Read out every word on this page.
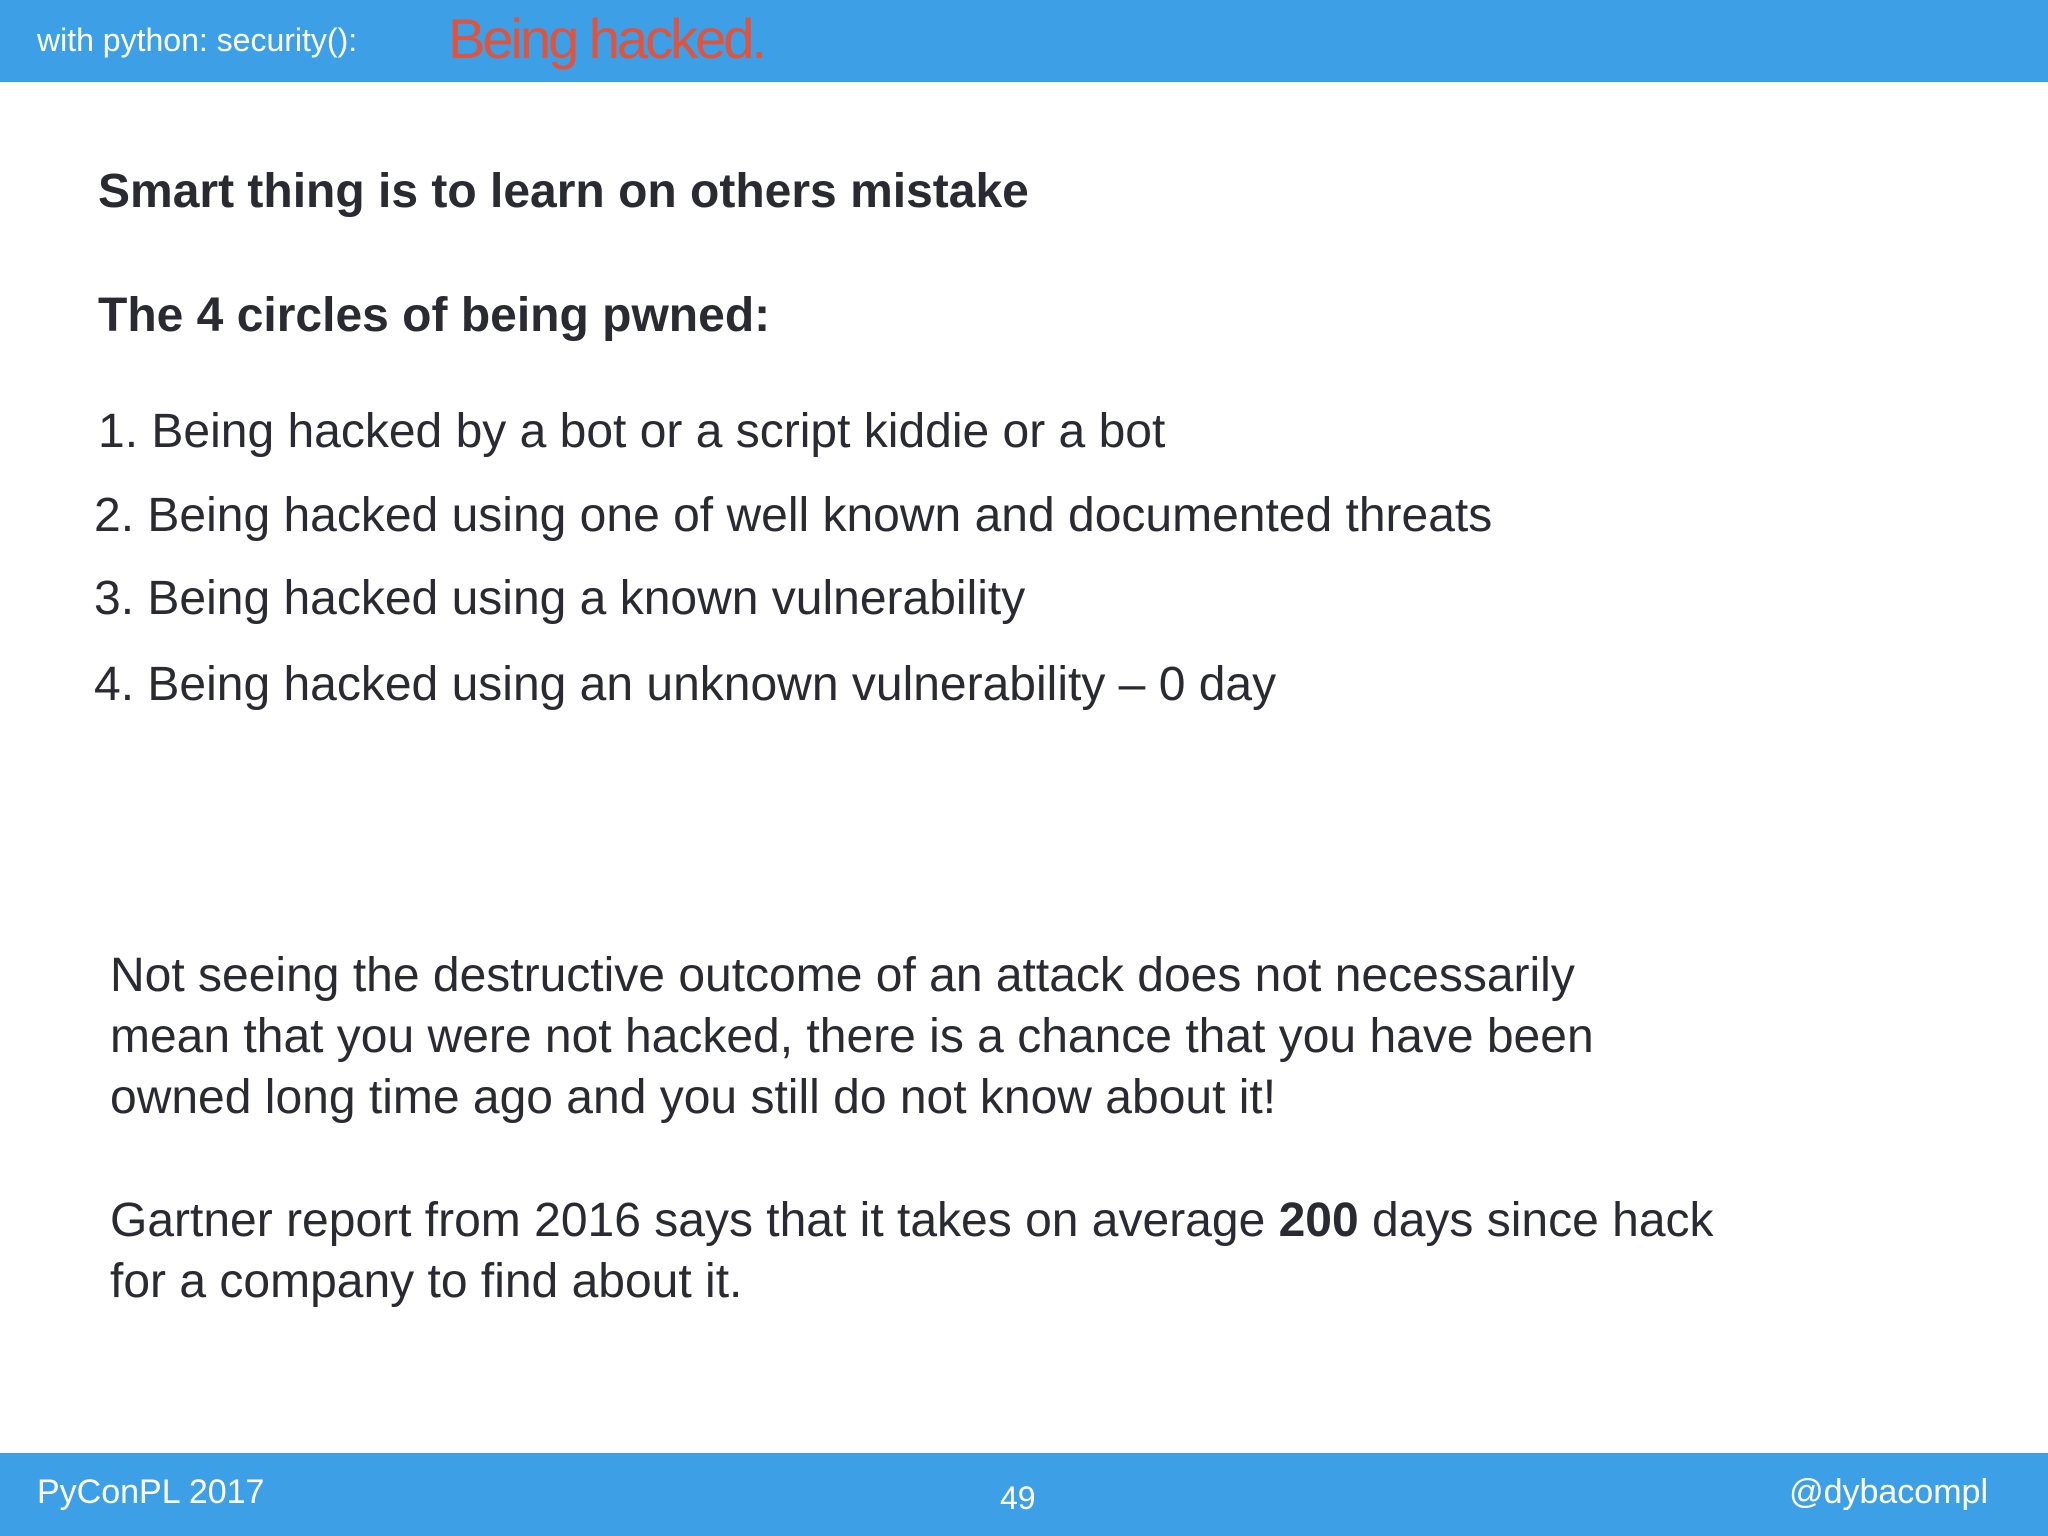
with python: security(): Being hacked.
Smart thing is to learn on others mistake
The 4 circles of being pwned:
1. Being hacked by a bot or a script kiddie or a bot
2. Being hacked using one of well known and documented threats
3. Being hacked using a known vulnerability
4. Being hacked using an unknown vulnerability – 0 day
Not seeing the destructive outcome of an attack does not necessarily
mean that you were not hacked, there is a chance that you have been
owned long time ago and you still do not know about it!
Gartner report from 2016 says that it takes on average 200 days since hack
for a company to find about it.
PyConPL 2017	49	@dybacompl
